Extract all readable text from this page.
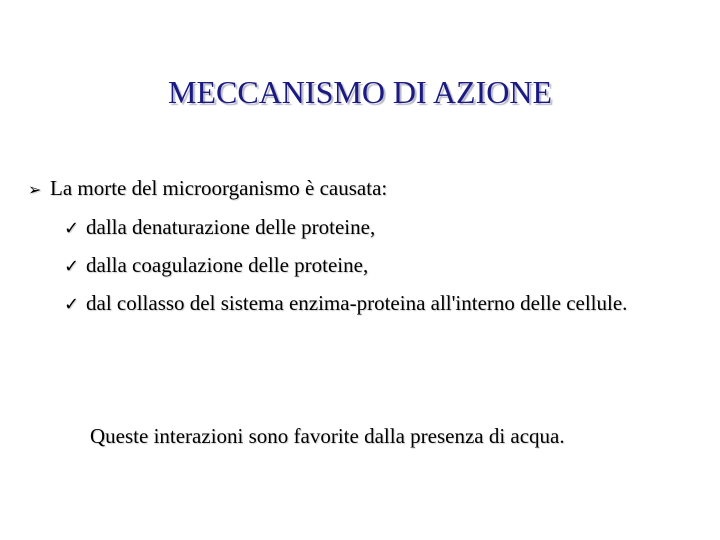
MECCANISMO DI AZIONE
➢ La morte del microorganismo è causata:
✓ dalla denaturazione delle proteine,
✓ dalla coagulazione delle proteine,
✓ dal collasso del sistema enzima-proteina all'interno delle cellule.
Queste interazioni sono favorite dalla presenza di acqua.
